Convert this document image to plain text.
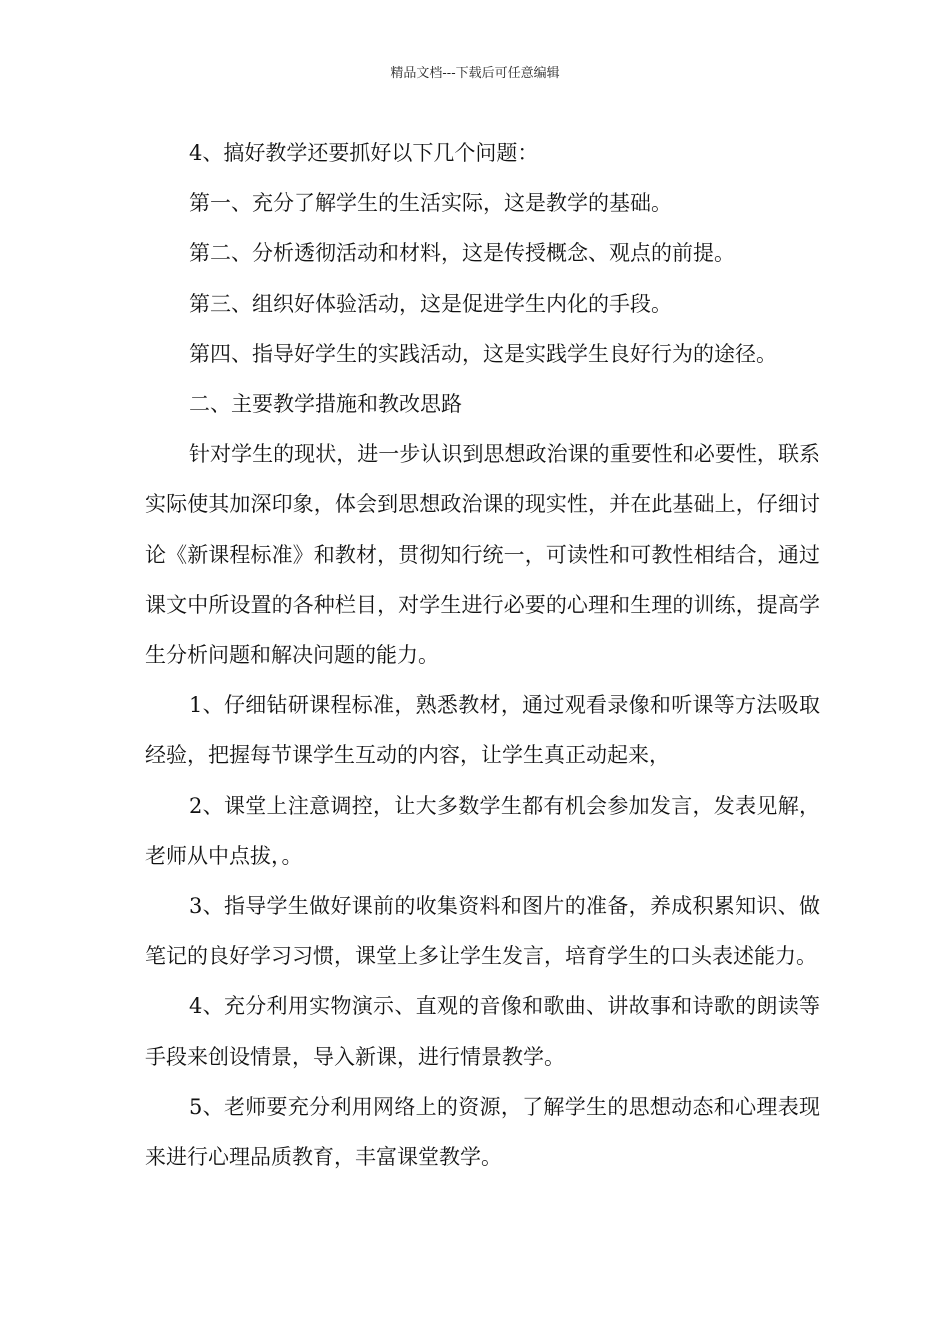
精品文档---下载后可任意编辑

4、搞好教学还要抓好以下几个问题：

第一、充分了解学生的生活实际，这是教学的基础。

第二、分析透彻活动和材料，这是传授概念、观点的前提。

第三、组织好体验活动，这是促进学生内化的手段。

第四、指导好学生的实践活动，这是实践学生良好行为的途径。

二、主要教学措施和教改思路

针对学生的现状，进一步认识到思想政治课的重要性和必要性，联系实际使其加深印象，体会到思想政治课的现实性，并在此基础上，仔细讨论《新课程标准》和教材，贯彻知行统一，可读性和可教性相结合，通过课文中所设置的各种栏目，对学生进行必要的心理和生理的训练，提高学生分析问题和解决问题的能力。

1、仔细钻研课程标准，熟悉教材，通过观看录像和听课等方法吸取经验，把握每节课学生互动的内容，让学生真正动起来，

2、课堂上注意调控，让大多数学生都有机会参加发言，发表见解，老师从中点拔，。

3、指导学生做好课前的收集资料和图片的准备，养成积累知识、做笔记的良好学习习惯，课堂上多让学生发言，培育学生的口头表述能力。

4、充分利用实物演示、直观的音像和歌曲、讲故事和诗歌的朗读等手段来创设情景，导入新课，进行情景教学。

5、老师要充分利用网络上的资源，了解学生的思想动态和心理表现来进行心理品质教育，丰富课堂教学。
